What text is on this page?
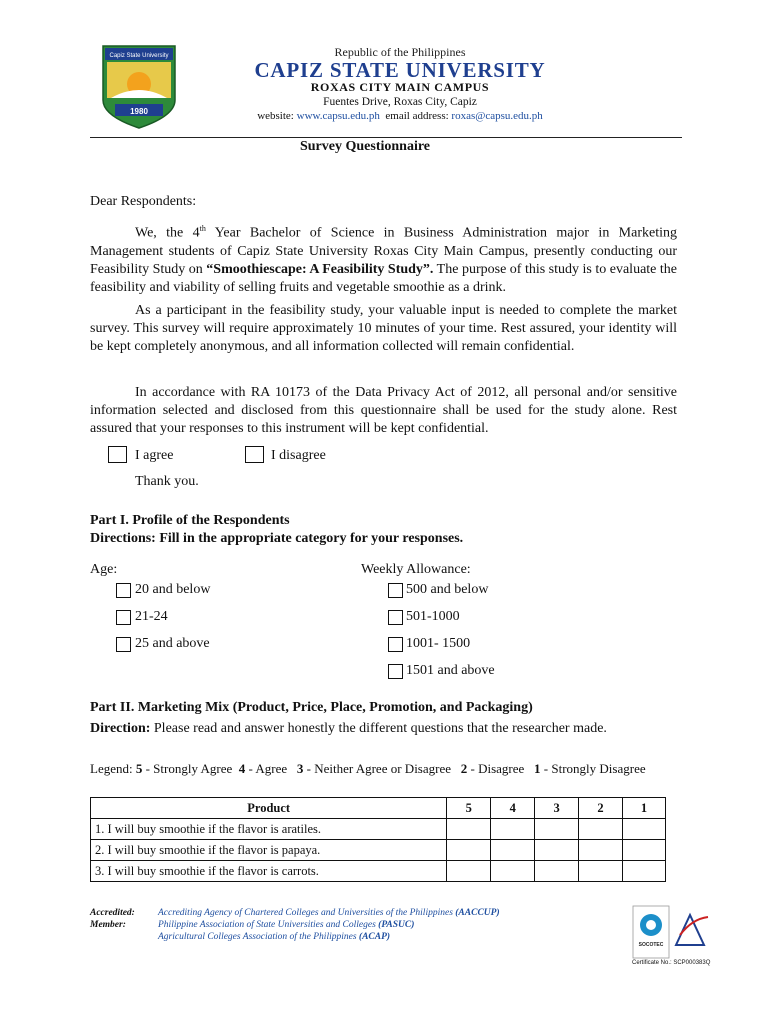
Capiz State University
1980
Republic of the Philippines
CAPIZ STATE UNIVERSITY
ROXAS CITY MAIN CAMPUS
Fuentes Drive, Roxas City, Capiz
website: www.capsu.edu.ph email address: roxas@capsu.edu.ph
Survey Questionnaire
Dear Respondents:
We, the 4th Year Bachelor of Science in Business Administration major in Marketing Management students of Capiz State University Roxas City Main Campus, presently conducting our Feasibility Study on “Smoothiescape: A Feasibility Study”. The purpose of this study is to evaluate the feasibility and viability of selling fruits and vegetable smoothie as a drink.
As a participant in the feasibility study, your valuable input is needed to complete the market survey. This survey will require approximately 10 minutes of your time. Rest assured, your identity will be kept completely anonymous, and all information collected will remain confidential.
In accordance with RA 10173 of the Data Privacy Act of 2012, all personal and/or sensitive information selected and disclosed from this questionnaire shall be used for the study alone. Rest assured that your responses to this instrument will be kept confidential.
I agree	I disagree
Thank you.
Part I. Profile of the Respondents
Directions: Fill in the appropriate category for your responses.
Age:
20 and below
21-24
25 and above
Weekly Allowance:
500 and below
501-1000
1001- 1500
1501 and above
Part II. Marketing Mix (Product, Price, Place, Promotion, and Packaging)
Direction: Please read and answer honestly the different questions that the researcher made.
Legend: 5 - Strongly Agree  4 - Agree   3 - Neither Agree or Disagree   2 - Disagree   1 - Strongly Disagree
Product	5	4	3	2	1
1. I will buy smoothie if the flavor is aratiles.					
2. I will buy smoothie if the flavor is papaya.					
3. I will buy smoothie if the flavor is carrots.					
Accredited:
Member:
Accrediting Agency of Chartered Colleges and Universities of the Philippines (AACCUP)
Philippine Association of State Universities and Colleges (PASUC)
Agricultural Colleges Association of the Philippines (ACAP)
SOCOTEC
Certificate No.: SCP000383Q
